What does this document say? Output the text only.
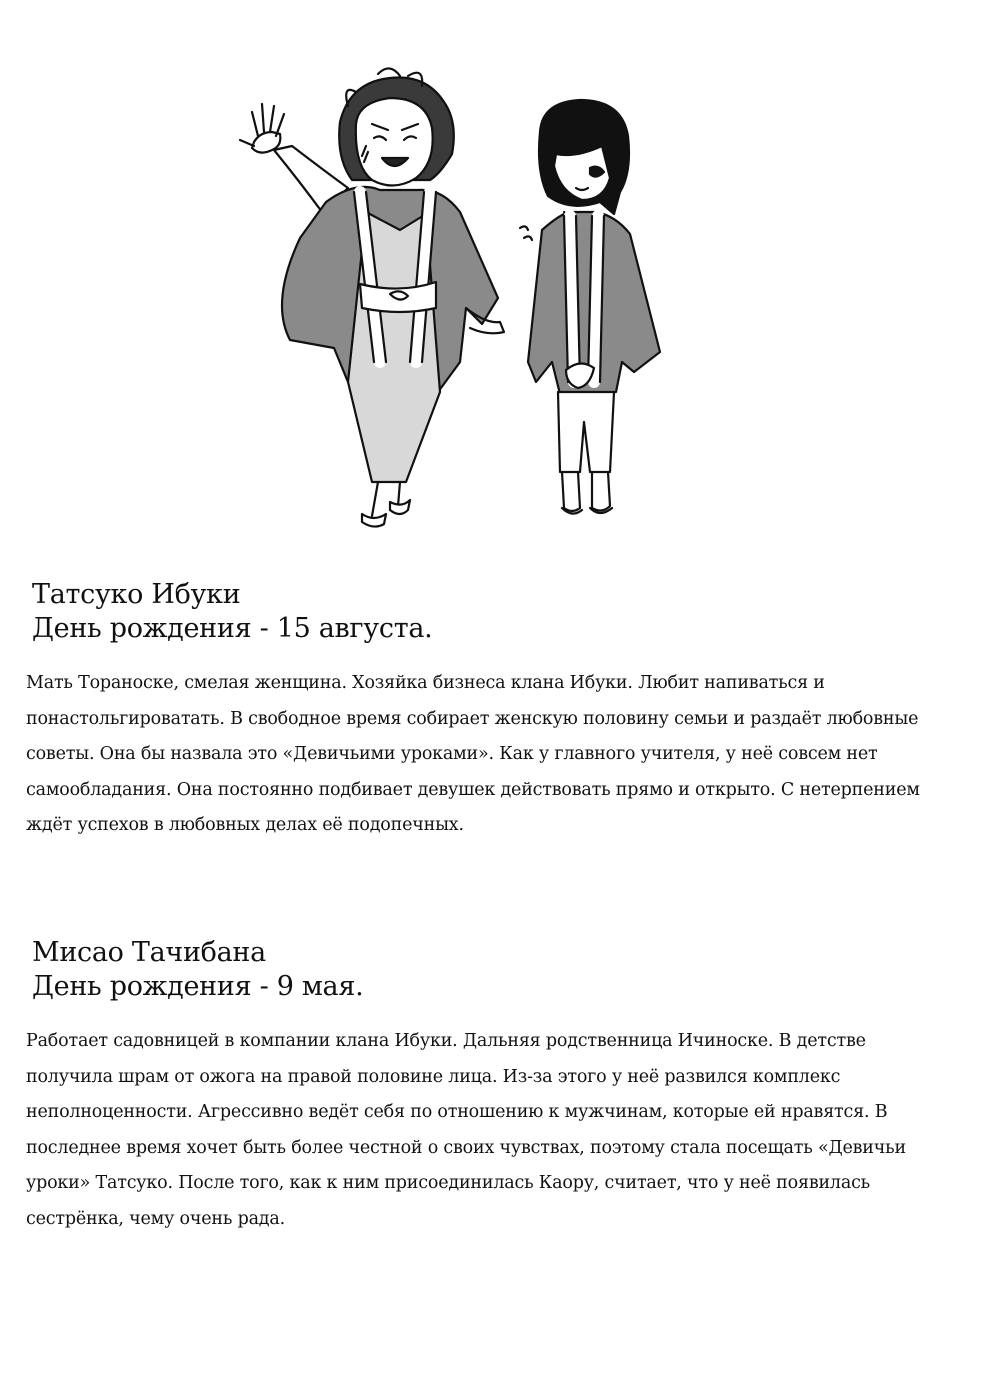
Татсуко Ибуки
День рождения - 15 августа.

Мать Тораноске, смелая женщина. Хозяйка бизнеса клана Ибуки. Любит напиваться и понастольгироватать. В свободное время собирает женскую половину семьи и раздаёт любовные советы. Она бы назвала это «Девичьими уроками». Как у главного учителя, у неё совсем нет самообладания. Она постоянно подбивает девушек действовать прямо и открыто. С нетерпением ждёт успехов в любовных делах её подопечных.

Мисао Тачибана
День рождения - 9 мая.

Работает садовницей в компании клана Ибуки. Дальняя родственница Ичиноске. В детстве получила шрам от ожога на правой половине лица. Из-за этого у неё развился комплекс неполноценности. Агрессивно ведёт себя по отношению к мужчинам, которые ей нравятся. В последнее время хочет быть более честной о своих чувствах, поэтому стала посещать «Девичьи уроки» Татсуко. После того, как к ним присоединилась Каору, считает, что у неё появилась сестрёнка, чему очень рада.
